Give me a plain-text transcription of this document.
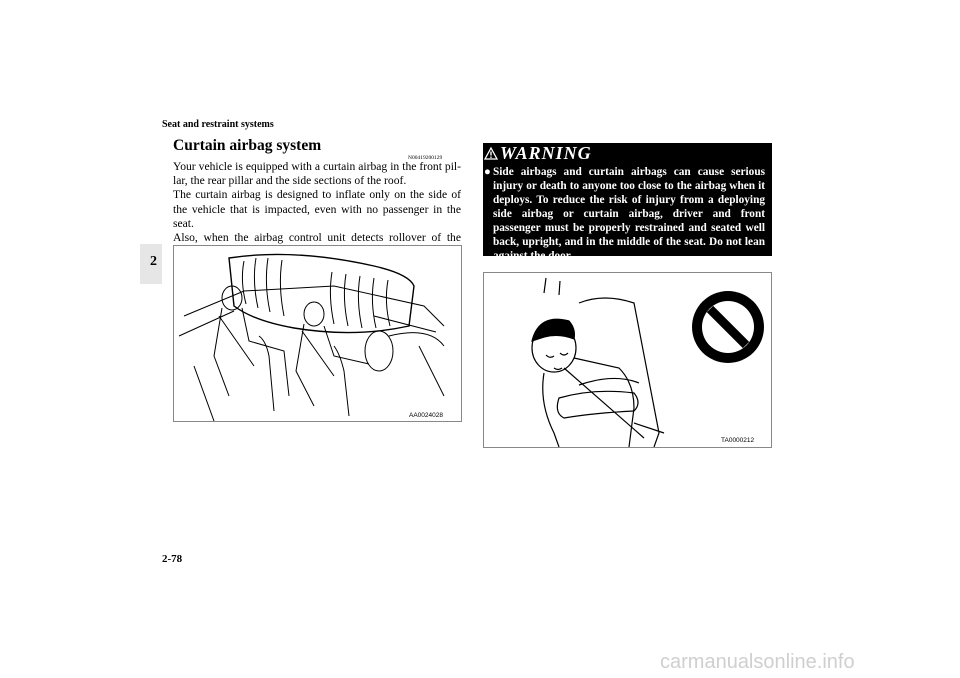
Seat and restraint systems
2
Curtain airbag system
N00419200129

Your vehicle is equipped with a curtain airbag in the front pil-lar, the rear pillar and the side sections of the roof.

The curtain airbag is designed to inflate only on the side of the vehicle that is impacted, even with no passenger in the seat.

Also, when the airbag control unit detects rollover of the

AA0024028
WARNING
● Side airbags and curtain airbags can cause serious injury or death to anyone too close to the airbag when it deploys. To reduce the risk of injury from a deploying side airbag or curtain airbag, driver and front passenger must be properly restrained and seated well back, upright, and in the middle of the seat. Do not lean against the door.
TA0000212
2-78
carmanualsonline.info
